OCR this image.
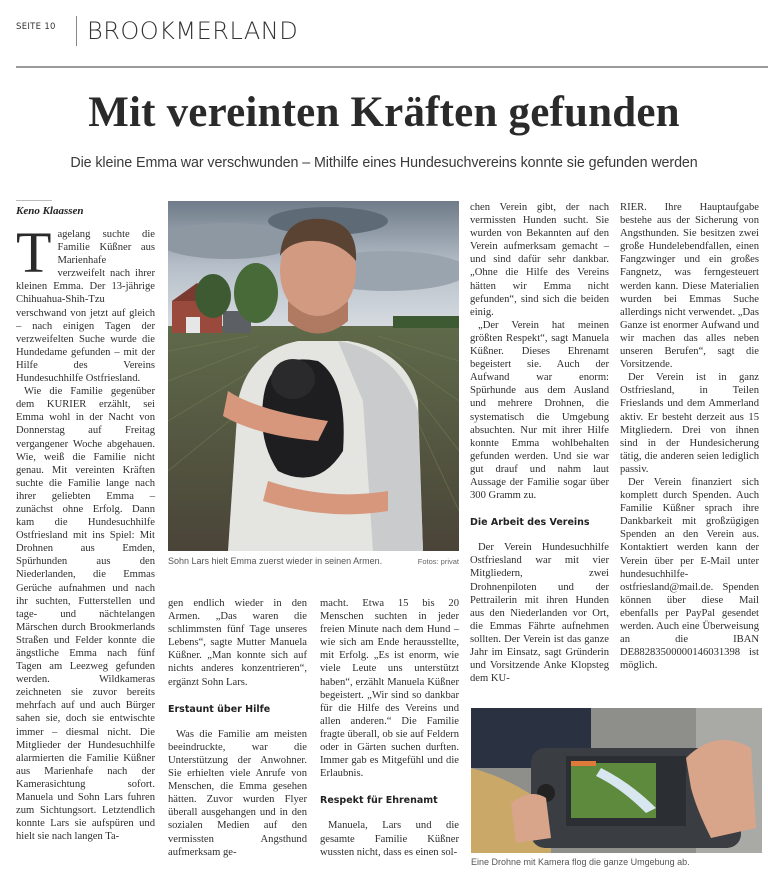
SEITE 10 BROOKMERLAND
Mit vereinten Kräften gefunden
Die kleine Emma war verschwunden – Mithilfe eines Hundesuchvereins konnte sie gefunden werden
Keno Klaassen
T agelang suchte die Familie Küßner aus Marienhafe verzweifelt nach ihrer kleinen Emma. Der 13-jährige Chihuahua-Shih-Tzu verschwand von jetzt auf gleich – nach einigen Tagen der verzweifelten Suche wurde die Hundedame gefunden – mit der Hilfe des Vereins Hundesuchhilfe Ostfriesland.

Wie die Familie gegenüber dem KURIER erzählt, sei Emma wohl in der Nacht von Donnerstag auf Freitag vergangener Woche abgehauen. Wie, weiß die Familie nicht genau. Mit vereinten Kräften suchte die Familie lange nach ihrer geliebten Emma – zunächst ohne Erfolg. Dann kam die Hundesuchhilfe Ostfriesland mit ins Spiel: Mit Drohnen aus Emden, Spürhunden aus den Niederlanden, die Emmas Gerüche aufnahmen und nach ihr suchten, Futterstellen und tage- und nächtelangen Märschen durch Brookmerlands Straßen und Felder konnte die ängstliche Emma nach fünf Tagen am Leezweg gefunden werden. Wildkameras zeichneten sie zuvor bereits mehrfach auf und auch Bürger sahen sie, doch sie entwischte immer – diesmal nicht. Die Mitglieder der Hundesuchhilfe alarmierten die Familie Küßner aus Marienhafe nach der Kamerasichtung sofort. Manuela und Sohn Lars fuhren zum Sichtungsort. Letztendlich konnte Lars sie aufspüren und hielt sie nach langen Ta-

Sohn Lars hielt Emma zuerst wieder in seinen Armen.	Fotos: privat

gen endlich wieder in den Armen. „Das waren die schlimmsten fünf Tage unseres Lebens“, sagte Mutter Manuela Küßner. „Man konnte sich auf nichts anderes konzentrieren“, ergänzt Sohn Lars.

Erstaunt über Hilfe

Was die Familie am meisten beeindruckte, war die Unterstützung der Anwohner. Sie erhielten viele Anrufe von Menschen, die Emma gesehen hätten. Zuvor wurden Flyer überall ausgehangen und in den sozialen Medien auf den vermissten Angsthund aufmerksam ge-

macht. Etwa 15 bis 20 Menschen suchten in jeder freien Minute nach dem Hund – wie sich am Ende herausstellte, mit Erfolg. „Es ist enorm, wie viele Leute uns unterstützt haben“, erzählt Manuela Küßner begeistert. „Wir sind so dankbar für die Hilfe des Vereins und allen anderen.“ Die Familie fragte überall, ob sie auf Feldern oder in Gärten suchen durften. Immer gab es Mitgefühl und die Erlaubnis.

Respekt für Ehrenamt

Manuela, Lars und die gesamte Familie Küßner wussten nicht, dass es einen sol-

chen Verein gibt, der nach vermissten Hunden sucht. Sie wurden von Bekannten auf den Verein aufmerksam gemacht – und sind dafür sehr dankbar. „Ohne die Hilfe des Vereins hätten wir Emma nicht gefunden“, sind sich die beiden einig.

„Der Verein hat meinen größten Respekt“, sagt Manuela Küßner. Dieses Ehrenamt begeistert sie. Auch der Aufwand war enorm: Spürhunde aus dem Ausland und mehrere Drohnen, die systematisch die Umgebung absuchten. Nur mit ihrer Hilfe konnte Emma wohlbehalten gefunden werden. Und sie war gut drauf und nahm laut Aussage der Familie sogar über 300 Gramm zu.

Die Arbeit des Vereins

Der Verein Hundesuchhilfe Ostfriesland war mit vier Mitgliedern, zwei Drohnenpiloten und der Pettrailerin mit ihren Hunden aus den Niederlanden vor Ort, die Emmas Fährte aufnehmen sollten. Der Verein ist das ganze Jahr im Einsatz, sagt Gründerin und Vorsitzende Anke Klopsteg dem KU-

RIER. Ihre Hauptaufgabe bestehe aus der Sicherung von Angsthunden. Sie besitzen zwei große Hundelebendfallen, einen Fangzwinger und ein großes Fangnetz, was ferngesteuert werden kann. Diese Materialien wurden bei Emmas Suche allerdings nicht verwendet. „Das Ganze ist enormer Aufwand und wir machen das alles neben unseren Berufen“, sagt die Vorsitzende.

Der Verein ist in ganz Ostfriesland, in Teilen Frieslands und dem Ammerland aktiv. Er besteht derzeit aus 15 Mitgliedern. Drei von ihnen sind in der Hundesicherung tätig, die anderen seien lediglich passiv.

Der Verein finanziert sich komplett durch Spenden. Auch Familie Küßner sprach ihre Dankbarkeit mit großzügigen Spenden an den Verein aus. Kontaktiert werden kann der Verein über per E-Mail unter hundesuchhilfe-ostfriesland@mail.de. Spenden können über diese Mail ebenfalls per PayPal gesendet werden. Auch eine Überweisung an die IBAN DE88283500000146031398 ist möglich.

Eine Drohne mit Kamera flog die ganze Umgebung ab.
